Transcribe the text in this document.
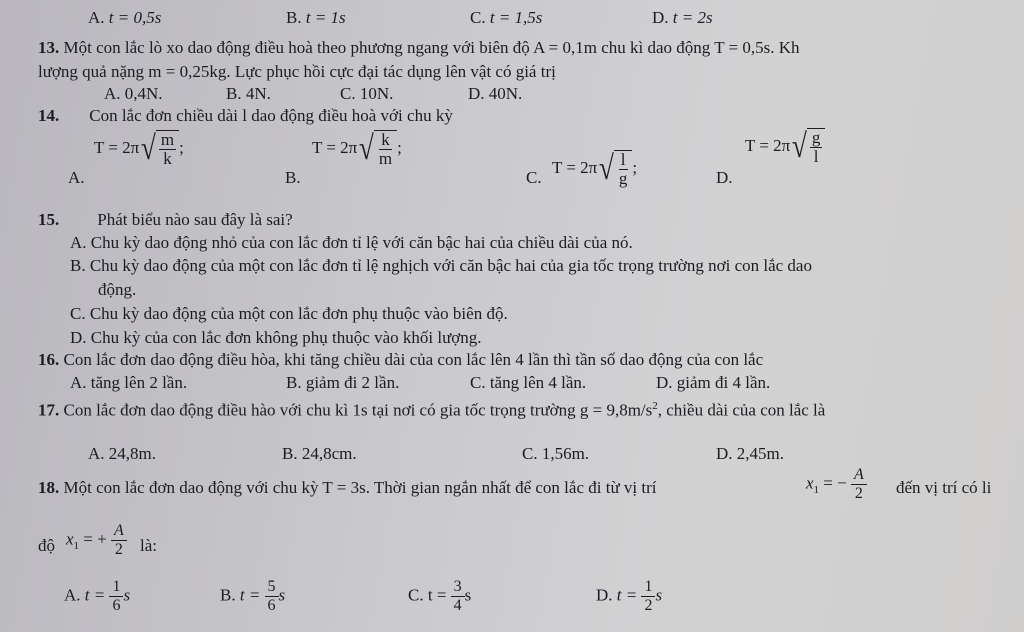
A. t = 0,5s	B. t = 1s	C. t = 1,5s	D. t = 2s
13. Một con lắc lò xo dao động điều hoà theo phương ngang với biên độ A = 0,1m chu kì dao động T = 0,5s. Kh
lượng quả nặng m = 0,25kg. Lực phục hồi cực đại tác dụng lên vật có giá trị
A. 0,4N.	B. 4N.	C. 10N.	D. 40N.
14. Con lắc đơn chiều dài l dao động điều hoà với chu kỳ
A.
$T = 2\pi√ \frac{m}{k}$ ;
B.
$T = 2\pi√ \frac{k}{m}$ ;
C.
$T = 2\pi√ \frac{l}{g}$ ;
D.
$T = 2\pi√ \frac{g}{l}$
15. Phát biểu nào sau đây là sai?
A. Chu kỳ dao động nhỏ của con lắc đơn tỉ lệ với căn bậc hai của chiều dài của nó.
B. Chu kỳ dao động của một con lắc đơn tỉ lệ nghịch với căn bậc hai của gia tốc trọng trường nơi con lắc dao
động.
C. Chu kỳ dao động của một con lắc đơn phụ thuộc vào biên độ.
D. Chu kỳ của con lắc đơn không phụ thuộc vào khối lượng.
16. Con lắc đơn dao động điều hòa, khi tăng chiều dài của con lắc lên 4 lần thì tần số dao động của con lắc
A. tăng lên 2 lần.	B. giảm đi 2 lần.	C. tăng lên 4 lần.	D. giảm đi 4 lần.
17. Con lắc đơn dao động điều hào với chu kì 1s tại nơi có gia tốc trọng trường $g = 9,8m/s^2$, chiều dài của con lắc là
A. 24,8m.	B. 24,8cm.	C. 1,56m.	D. 2,45m.
18. Một con lắc đơn dao động với chu kỳ T = 3s. Thời gian ngắn nhất để con lắc đi từ vị trí	$x_1$ = − $\frac{A}{2}$ đến vị trí có li
độ $x_1$ = + $\frac{A}{2}$ là:
A. $t = \frac{1}{6}$ s	B. $t = \frac{5}{6}$ s	C. $t = \frac{3}{4}$ s	D. $t = \frac{1}{2}$ s
